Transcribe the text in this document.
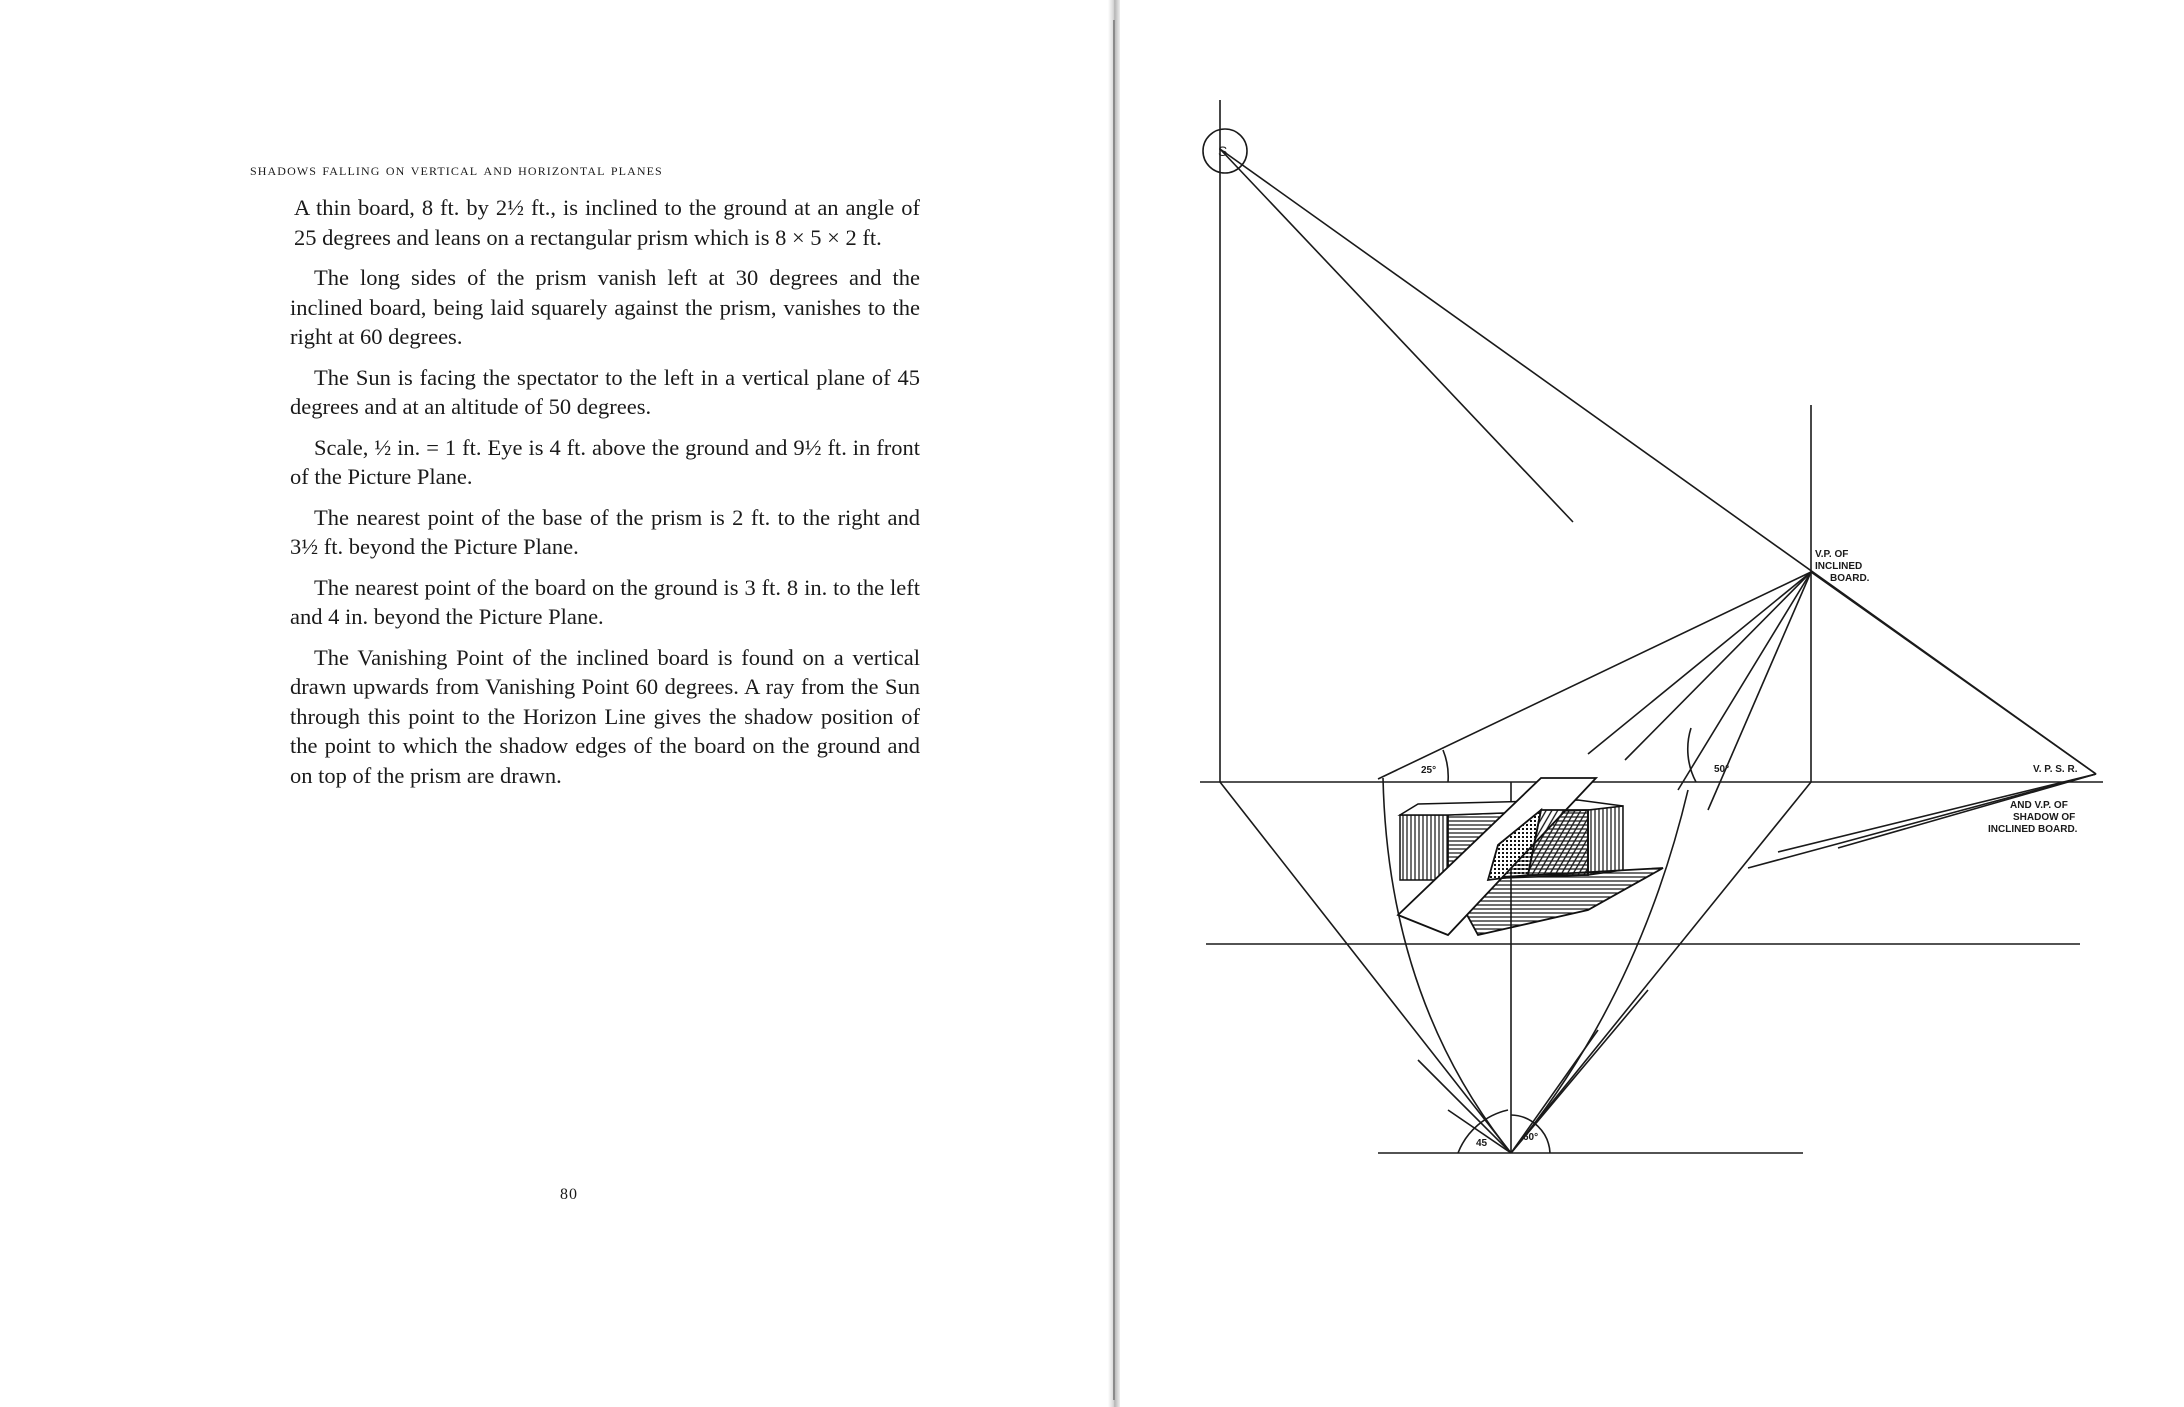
shadows falling on vertical and horizontal planes

A thin board, 8 ft. by 2½ ft., is inclined to the ground at an angle of 25 degrees and leans on a rectangular prism which is 8 × 5 × 2 ft.

The long sides of the prism vanish left at 30 degrees and the inclined board, being laid squarely against the prism, vanishes to the right at 60 degrees.

The Sun is facing the spectator to the left in a vertical plane of 45 degrees and at an altitude of 50 degrees.

Scale, ½ in. = 1 ft. Eye is 4 ft. above the ground and 9½ ft. in front of the Picture Plane.

The nearest point of the base of the prism is 2 ft. to the right and 3½ ft. beyond the Picture Plane.

The nearest point of the board on the ground is 3 ft. 8 in. to the left and 4 in. beyond the Picture Plane.

The Vanishing Point of the inclined board is found on a vertical drawn upwards from Vanishing Point 60 degrees. A ray from the Sun through this point to the Horizon Line gives the shadow position of the point to which the shadow edges of the board on the ground and on top of the prism are drawn.

80
S
V.P. OF
INCLINED
BOARD.
V. P. S. R.
AND V.P. OF
SHADOW OF
INCLINED BOARD.
25°	50°
45
60°
